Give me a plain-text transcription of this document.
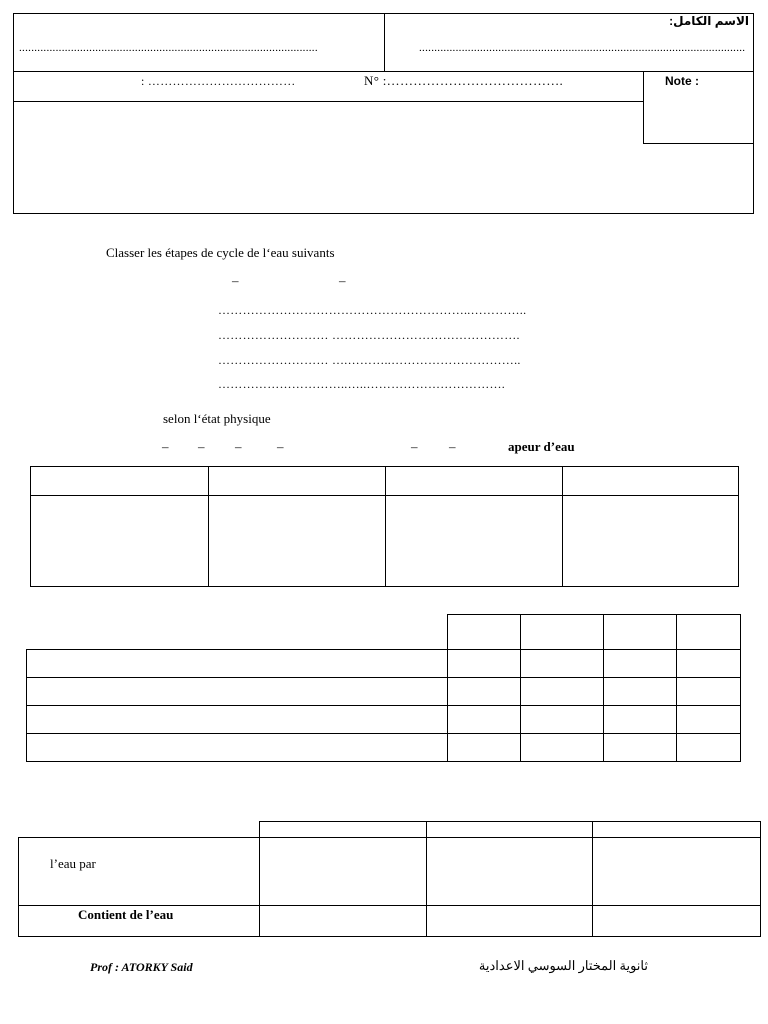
الاسم الكامل:
..................................................................................................	...........................................................................................................
: ………………………………	N° :………………………………….	Note :
Classer les étapes de cycle de l‘eau suivants
–	–
……………………………………………………..…………..
……………………… ……………………………………….
……………………… ….………..…………………………..
…………………………..…..…………………………….
selon l‘état physique
– – –	–	– –	apeur d’eau

l’eau par
Contient de l’eau
Prof : ATORKY Said	ثانوية المختار السوسي الاعدادية
